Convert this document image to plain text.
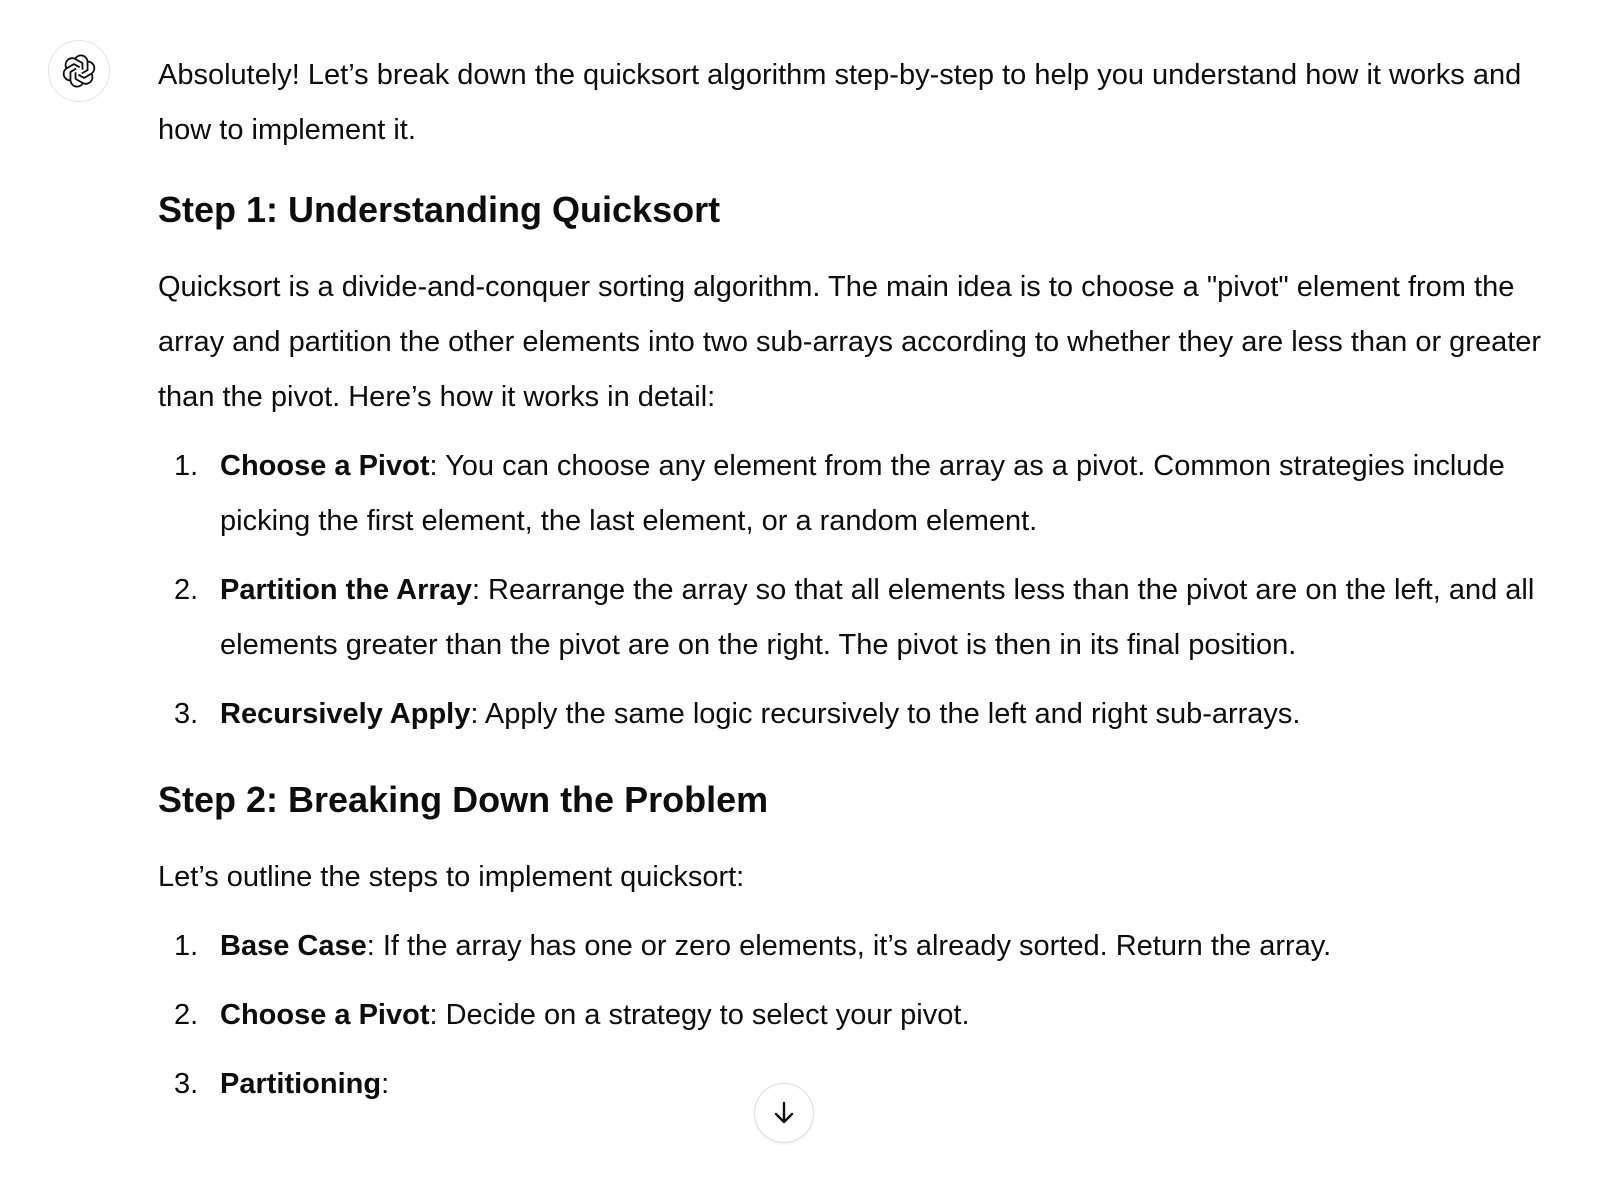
Absolutely! Let’s break down the quicksort algorithm step-by-step to help you understand how it works and how to implement it.

Step 1: Understanding Quicksort

Quicksort is a divide-and-conquer sorting algorithm. The main idea is to choose a "pivot" element from the array and partition the other elements into two sub-arrays according to whether they are less than or greater than the pivot. Here’s how it works in detail:

1. Choose a Pivot: You can choose any element from the array as a pivot. Common strategies include picking the first element, the last element, or a random element.
2. Partition the Array: Rearrange the array so that all elements less than the pivot are on the left, and all elements greater than the pivot are on the right. The pivot is then in its final position.
3. Recursively Apply: Apply the same logic recursively to the left and right sub-arrays.
Step 2: Breaking Down the Problem

Let’s outline the steps to implement quicksort:

1. Base Case: If the array has one or zero elements, it’s already sorted. Return the array.
2. Choose a Pivot: Decide on a strategy to select your pivot.
3. Partitioning:
